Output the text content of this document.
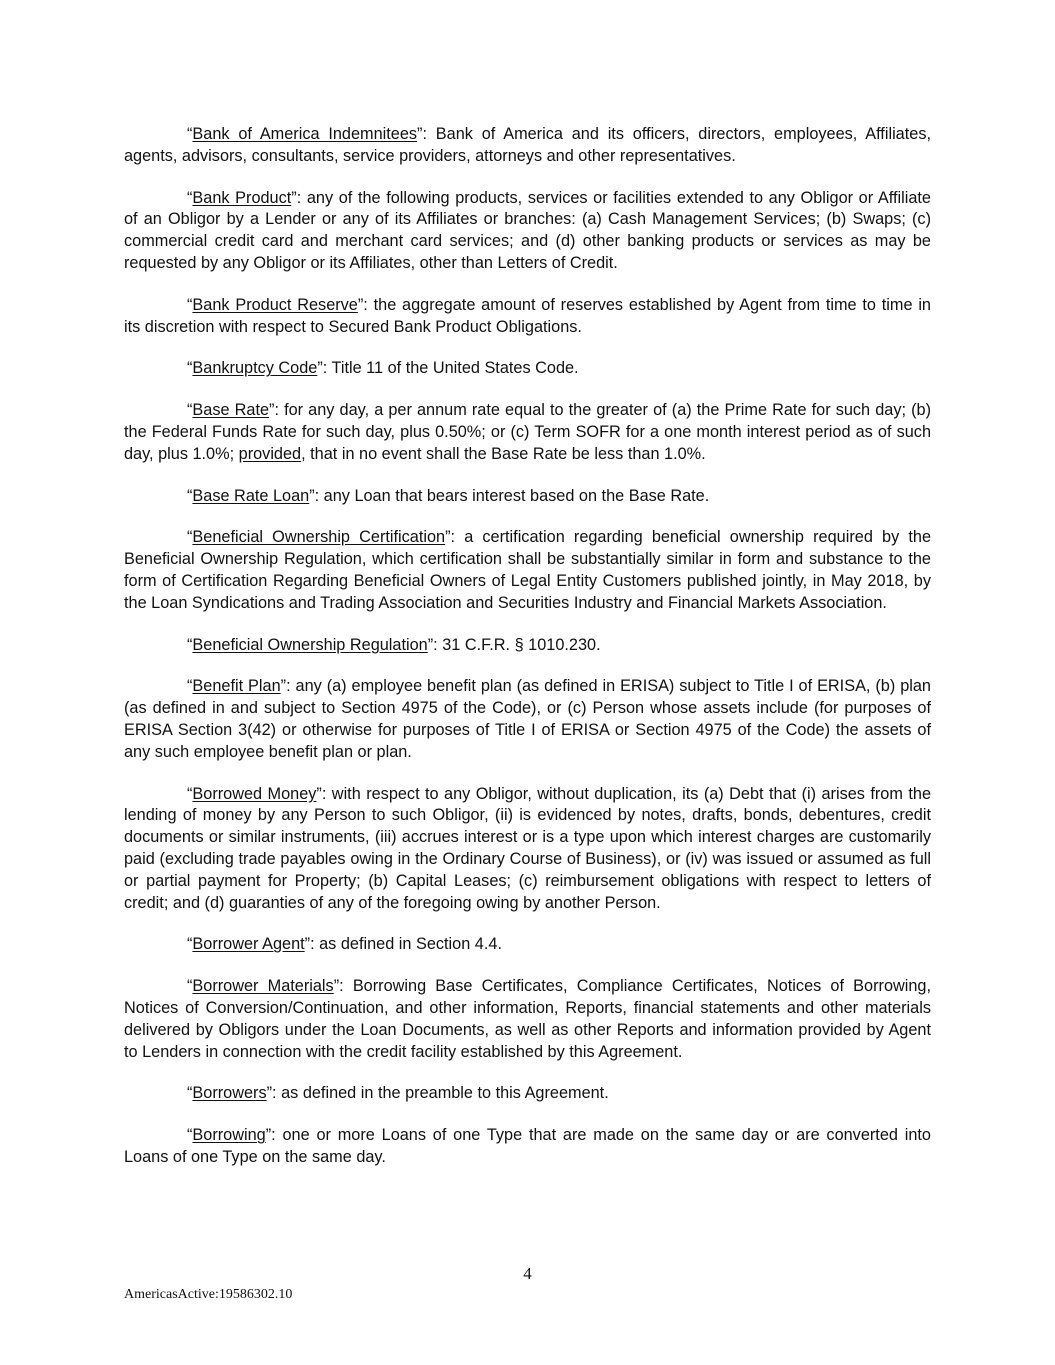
“Bank of America Indemnitees”: Bank of America and its officers, directors, employees, Affiliates, agents, advisors, consultants, service providers, attorneys and other representatives.

“Bank Product”: any of the following products, services or facilities extended to any Obligor or Affiliate of an Obligor by a Lender or any of its Affiliates or branches: (a) Cash Management Services; (b) Swaps; (c) commercial credit card and merchant card services; and (d) other banking products or services as may be requested by any Obligor or its Affiliates, other than Letters of Credit.

“Bank Product Reserve”: the aggregate amount of reserves established by Agent from time to time in its discretion with respect to Secured Bank Product Obligations.

“Bankruptcy Code”: Title 11 of the United States Code.

“Base Rate”: for any day, a per annum rate equal to the greater of (a) the Prime Rate for such day; (b) the Federal Funds Rate for such day, plus 0.50%; or (c) Term SOFR for a one month interest period as of such day, plus 1.0%; provided, that in no event shall the Base Rate be less than 1.0%.

“Base Rate Loan”: any Loan that bears interest based on the Base Rate.

“Beneficial Ownership Certification”: a certification regarding beneficial ownership required by the Beneficial Ownership Regulation, which certification shall be substantially similar in form and substance to the form of Certification Regarding Beneficial Owners of Legal Entity Customers published jointly, in May 2018, by the Loan Syndications and Trading Association and Securities Industry and Financial Markets Association.

“Beneficial Ownership Regulation”: 31 C.F.R. § 1010.230.

“Benefit Plan”: any (a) employee benefit plan (as defined in ERISA) subject to Title I of ERISA, (b) plan (as defined in and subject to Section 4975 of the Code), or (c) Person whose assets include (for purposes of ERISA Section 3(42) or otherwise for purposes of Title I of ERISA or Section 4975 of the Code) the assets of any such employee benefit plan or plan.

“Borrowed Money”: with respect to any Obligor, without duplication, its (a) Debt that (i) arises from the lending of money by any Person to such Obligor, (ii) is evidenced by notes, drafts, bonds, debentures, credit documents or similar instruments, (iii) accrues interest or is a type upon which interest charges are customarily paid (excluding trade payables owing in the Ordinary Course of Business), or (iv) was issued or assumed as full or partial payment for Property; (b) Capital Leases; (c) reimbursement obligations with respect to letters of credit; and (d) guaranties of any of the foregoing owing by another Person.

“Borrower Agent”: as defined in Section 4.4.

“Borrower Materials”: Borrowing Base Certificates, Compliance Certificates, Notices of Borrowing, Notices of Conversion/Continuation, and other information, Reports, financial statements and other materials delivered by Obligors under the Loan Documents, as well as other Reports and information provided by Agent to Lenders in connection with the credit facility established by this Agreement.

“Borrowers”: as defined in the preamble to this Agreement.

“Borrowing”: one or more Loans of one Type that are made on the same day or are converted into Loans of one Type on the same day.

4
AmericasActive:19586302.10
